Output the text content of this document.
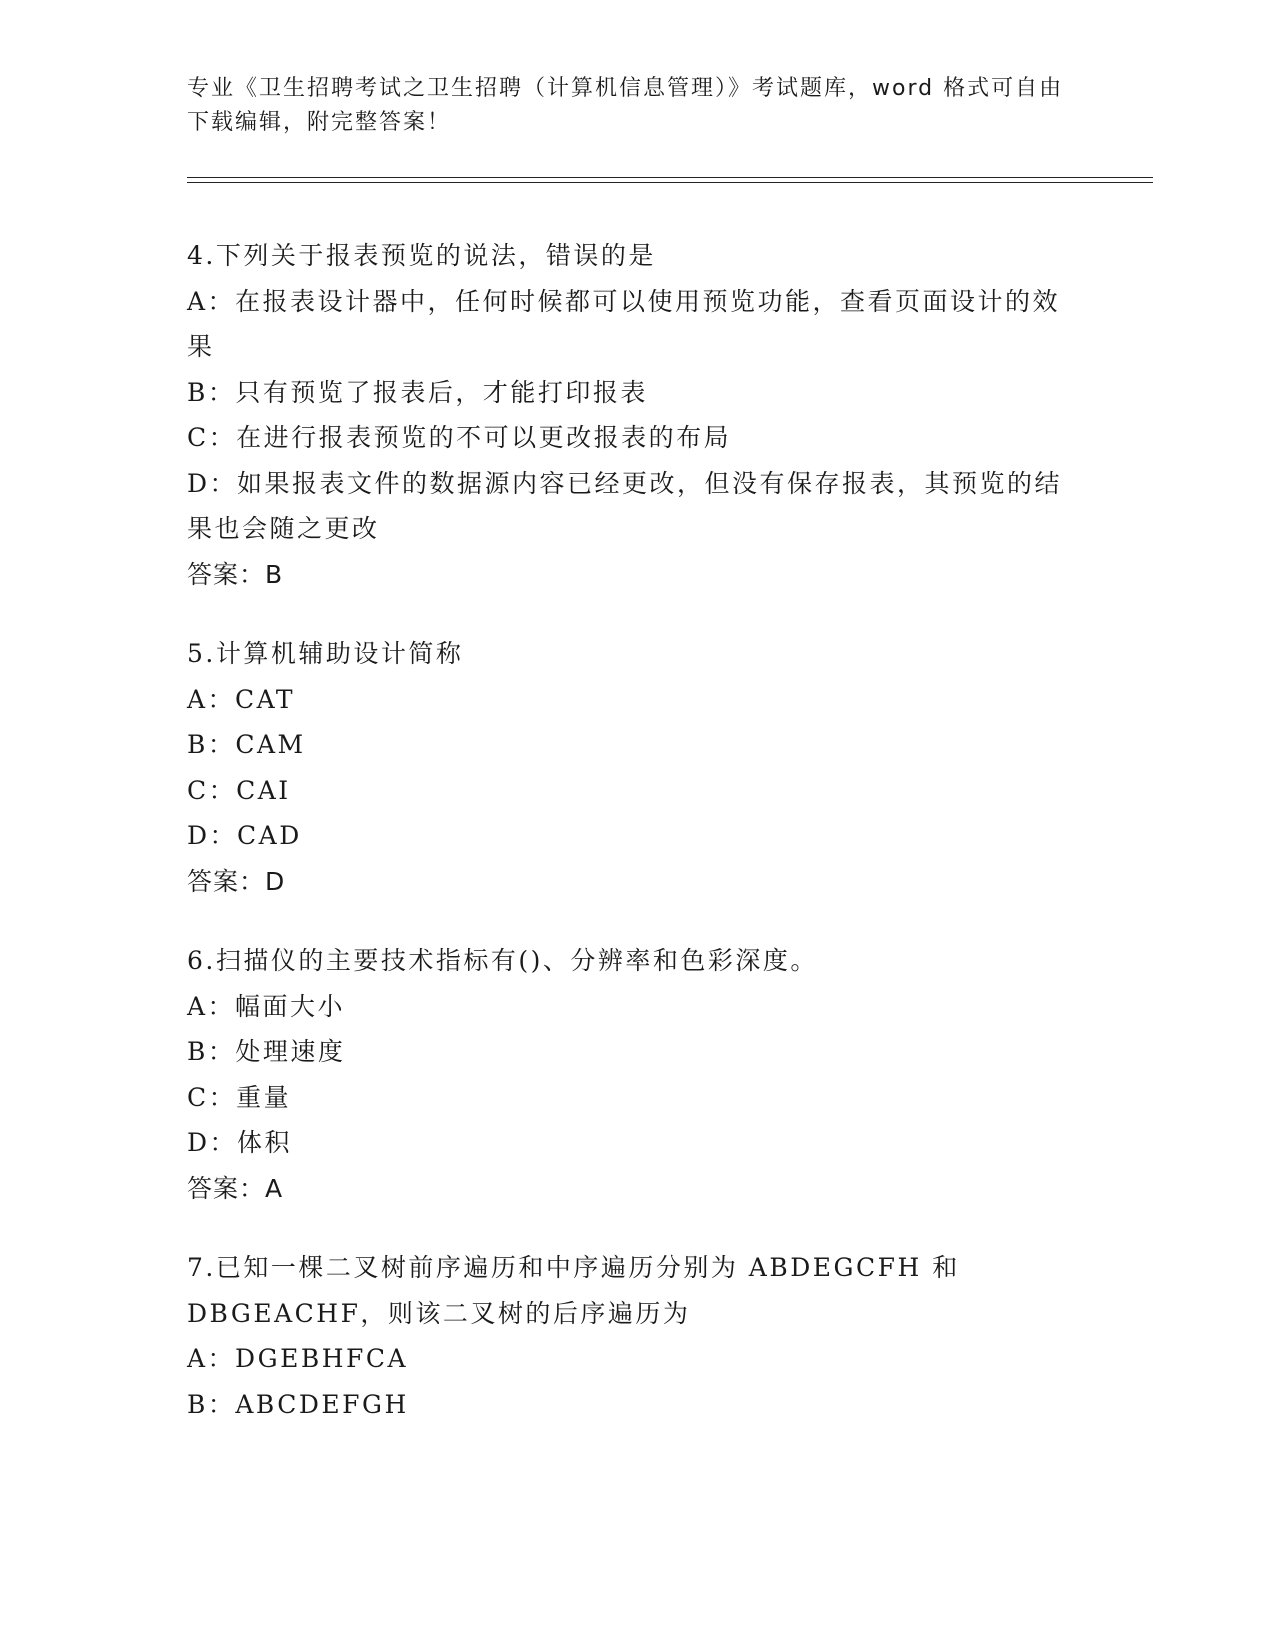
专业《卫生招聘考试之卫生招聘（计算机信息管理）》考试题库，word 格式可自由下载编辑，附完整答案！
4.下列关于报表预览的说法，错误的是
A：在报表设计器中，任何时候都可以使用预览功能，查看页面设计的效果
B：只有预览了报表后，才能打印报表
C：在进行报表预览的不可以更改报表的布局
D：如果报表文件的数据源内容已经更改，但没有保存报表，其预览的结果也会随之更改
答案：B
5.计算机辅助设计简称
A：CAT
B：CAM
C：CAI
D：CAD
答案：D
6.扫描仪的主要技术指标有()、分辨率和色彩深度。
A：幅面大小
B：处理速度
C：重量
D：体积
答案：A
7.已知一棵二叉树前序遍历和中序遍历分别为 ABDEGCFH 和 DBGEACHF，则该二叉树的后序遍历为
A：DGEBHFCA
B：ABCDEFGH
